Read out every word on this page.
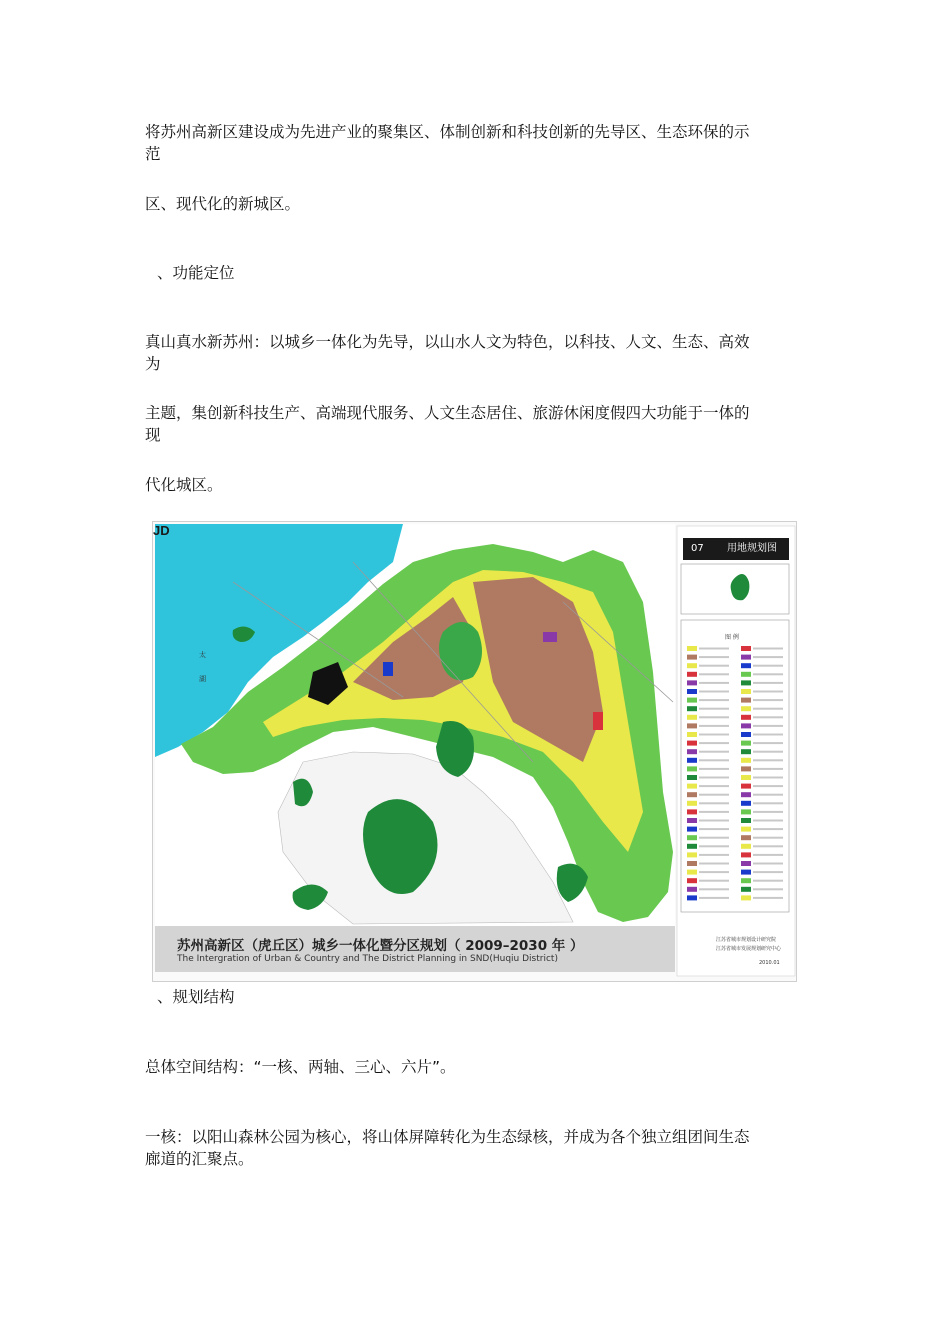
将苏州高新区建设成为先进产业的聚集区、体制创新和科技创新的先导区、生态环保的示
范

区、现代化的新城区。

、功能定位

真山真水新苏州：以城乡一体化为先导，以山水人文为特色，以科技、人文、生态、高效
为

主题，集创新科技生产、高端现代服务、人文生态居住、旅游休闲度假四大功能于一体的
现

代化城区。

07 用地规划图
图 例
太
湖
苏州高新区（虎丘区）城乡一体化暨分区规划（ 2009–2030 年 ）
The Intergration of Urban & Country and The District Planning in SND(Huqiu District)
JD
江苏省城市规划设计研究院
江苏省城市发展规划研究中心
2010.01

、规划结构

总体空间结构：“一核、两轴、三心、六片”。

一核：以阳山森林公园为核心，将山体屏障转化为生态绿核，并成为各个独立组团间生态
廊道的汇聚点。
